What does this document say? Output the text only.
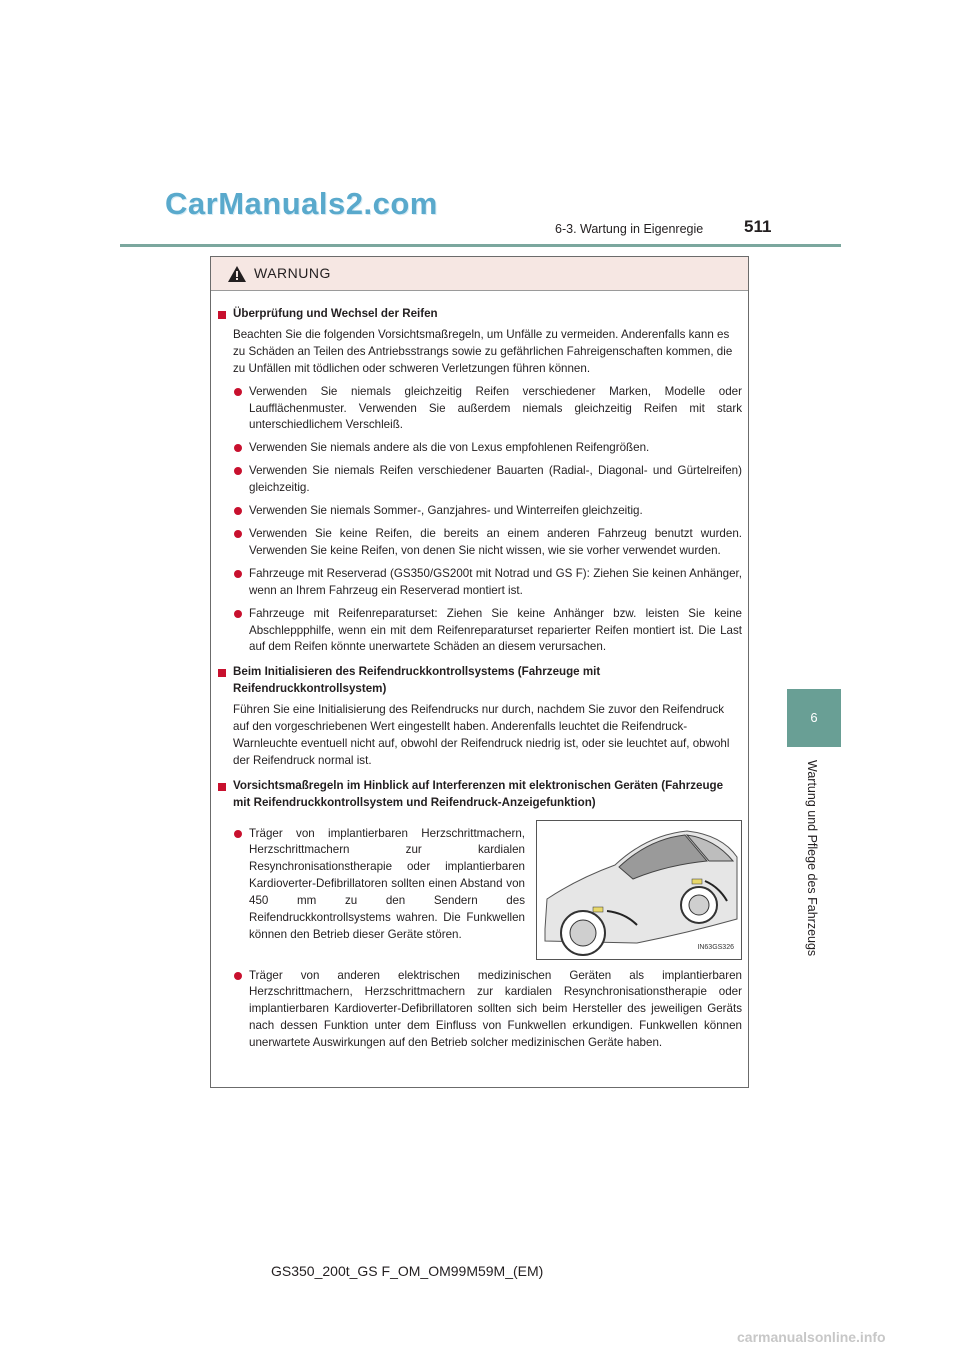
CarManuals2.com
6-3. Wartung in Eigenregie 511
6
Wartung und Pflege des Fahrzeugs
WARNUNG
Überprüfung und Wechsel der Reifen
Beachten Sie die folgenden Vorsichtsmaßregeln, um Unfälle zu vermeiden. Anderenfalls kann es zu Schäden an Teilen des Antriebsstrangs sowie zu gefährlichen Fahreigenschaften kommen, die zu Unfällen mit tödlichen oder schweren Verletzungen führen können.
Verwenden Sie niemals gleichzeitig Reifen verschiedener Marken, Modelle oder Laufflächenmuster. Verwenden Sie außerdem niemals gleichzeitig Reifen mit stark unterschiedlichem Verschleiß.
Verwenden Sie niemals andere als die von Lexus empfohlenen Reifengrößen.
Verwenden Sie niemals Reifen verschiedener Bauarten (Radial-, Diagonal- und Gürtelreifen) gleichzeitig.
Verwenden Sie niemals Sommer-, Ganzjahres- und Winterreifen gleichzeitig.
Verwenden Sie keine Reifen, die bereits an einem anderen Fahrzeug benutzt wurden. Verwenden Sie keine Reifen, von denen Sie nicht wissen, wie sie vorher verwendet wurden.
Fahrzeuge mit Reserverad (GS350/GS200t mit Notrad und GS F): Ziehen Sie keinen Anhänger, wenn an Ihrem Fahrzeug ein Reserverad montiert ist.
Fahrzeuge mit Reifenreparaturset: Ziehen Sie keine Anhänger bzw. leisten Sie keine Abschleppphilfe, wenn ein mit dem Reifenreparaturset reparierter Reifen montiert ist. Die Last auf dem Reifen könnte unerwartete Schäden an diesem verursachen.
Beim Initialisieren des Reifendruckkontrollsystems (Fahrzeuge mit Reifendruckkontrollsystem)
Führen Sie eine Initialisierung des Reifendrucks nur durch, nachdem Sie zuvor den Reifendruck auf den vorgeschriebenen Wert eingestellt haben. Anderenfalls leuchtet die Reifendruck-Warnleuchte eventuell nicht auf, obwohl der Reifendruck niedrig ist, oder sie leuchtet auf, obwohl der Reifendruck normal ist.
Vorsichtsmaßregeln im Hinblick auf Interferenzen mit elektronischen Geräten (Fahrzeuge mit Reifendruckkontrollsystem und Reifendruck-Anzeigefunktion)
Träger von implantierbaren Herzschrittmachern, Herzschrittmachern zur kardialen Resynchronisationstherapie oder implantierbaren Kardioverter-Defibrillatoren sollten einen Abstand von 450 mm zu den Sendern des Reifendruckkontrollsystems wahren. Die Funkwellen können den Betrieb dieser Geräte stören.
IN63GS326
Träger von anderen elektrischen medizinischen Geräten als implantierbaren Herzschrittmachern, Herzschrittmachern zur kardialen Resynchronisationstherapie oder implantierbaren Kardioverter-Defibrillatoren sollten sich beim Hersteller des jeweiligen Geräts nach dessen Funktion unter dem Einfluss von Funkwellen erkundigen. Funkwellen können unerwartete Auswirkungen auf den Betrieb solcher medizinischen Geräte haben.
GS350_200t_GS F_OM_OM99M59M_(EM)
carmanualsonline.info
